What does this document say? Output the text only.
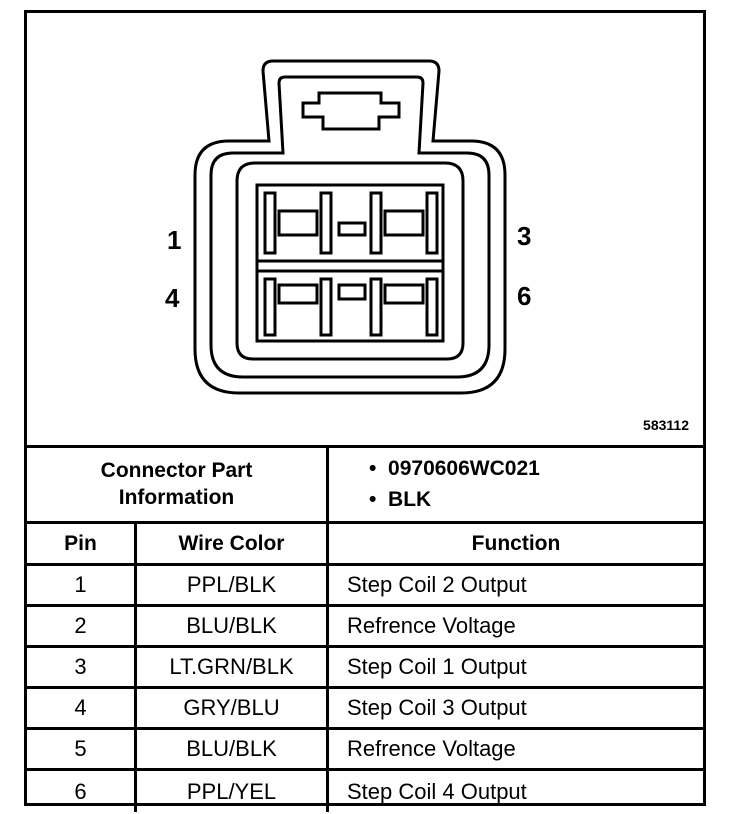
1	3
4	6
583112
Connector Part
Information
• 0970606WC021
• BLK
Pin	Wire Color	Function
1	PPL/BLK	Step Coil 2 Output
2	BLU/BLK	Refrence Voltage
3	LT.GRN/BLK	Step Coil 1 Output
4	GRY/BLU	Step Coil 3 Output
5	BLU/BLK	Refrence Voltage
6	PPL/YEL	Step Coil 4 Output
